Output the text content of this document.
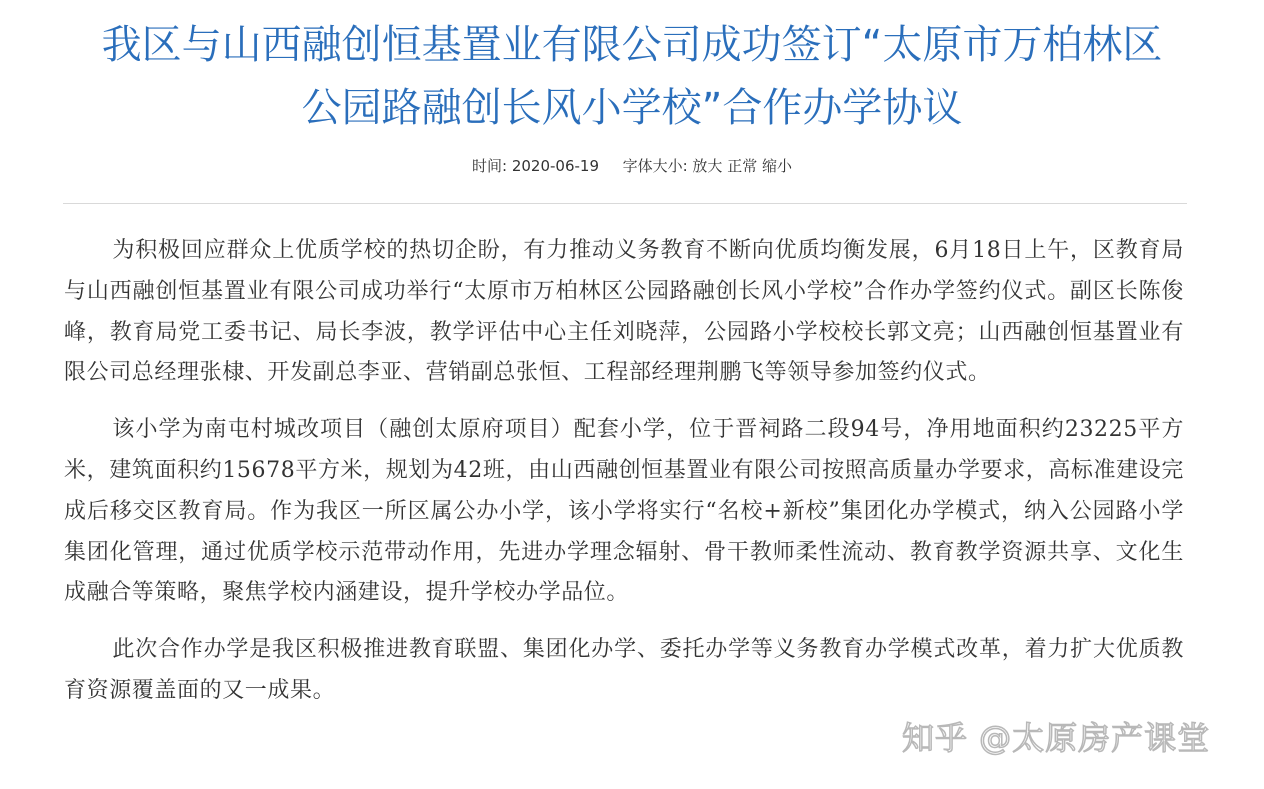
我区与山西融创恒基置业有限公司成功签订“太原市万柏林区
公园路融创长风小学校”合作办学协议
时间: 2020-06-19 字体大小: 放大 正常 缩小

为积极回应群众上优质学校的热切企盼，有力推动义务教育不断向优质均衡发展，6月18日上午，区教育局与山西融创恒基置业有限公司成功举行“太原市万柏林区公园路融创长风小学校”合作办学签约仪式。副区长陈俊峰，教育局党工委书记、局长李波，教学评估中心主任刘晓萍，公园路小学校校长郭文亮；山西融创恒基置业有限公司总经理张棣、开发副总李亚、营销副总张恒、工程部经理荆鹏飞等领导参加签约仪式。

该小学为南屯村城改项目（融创太原府项目）配套小学，位于晋祠路二段94号，净用地面积约23225平方米，建筑面积约15678平方米，规划为42班，由山西融创恒基置业有限公司按照高质量办学要求，高标准建设完成后移交区教育局。作为我区一所区属公办小学，该小学将实行“名校+新校”集团化办学模式，纳入公园路小学集团化管理，通过优质学校示范带动作用，先进办学理念辐射、骨干教师柔性流动、教育教学资源共享、文化生成融合等策略，聚焦学校内涵建设，提升学校办学品位。

此次合作办学是我区积极推进教育联盟、集团化办学、委托办学等义务教育办学模式改革，着力扩大优质教育资源覆盖面的又一成果。

知乎 @太原房产课堂
